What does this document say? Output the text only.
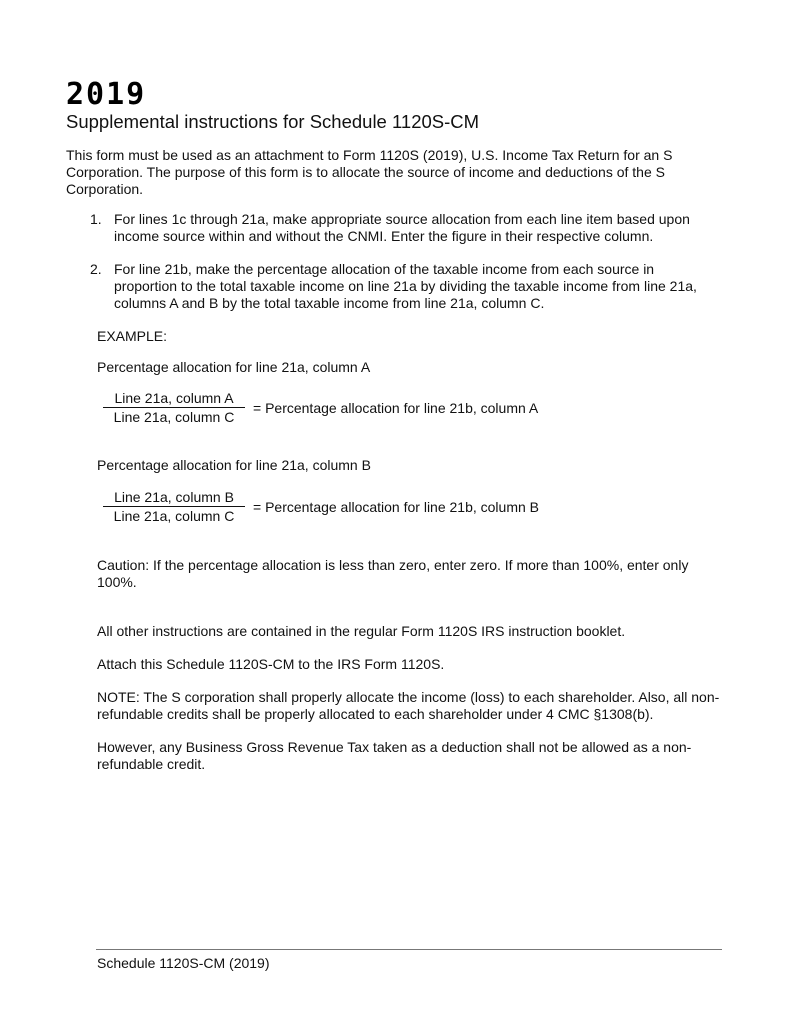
2019
Supplemental instructions for Schedule 1120S-CM
This form must be used as an attachment to Form 1120S (2019), U.S. Income Tax Return for an S Corporation. The purpose of this form is to allocate the source of income and deductions of the S Corporation.
1. For lines 1c through 21a, make appropriate source allocation from each line item based upon income source within and without the CNMI. Enter the figure in their respective column.
2. For line 21b, make the percentage allocation of the taxable income from each source in proportion to the total taxable income on line 21a by dividing the taxable income from line 21a, columns A and B by the total taxable income from line 21a, column C.
EXAMPLE:
Percentage allocation for line 21a, column A
Line 21a, column A
Line 21a, column C
= Percentage allocation for line 21b, column A
Percentage allocation for line 21a, column B
Line 21a, column B
Line 21a, column C
= Percentage allocation for line 21b, column B
Caution: If the percentage allocation is less than zero, enter zero. If more than 100%, enter only 100%.
All other instructions are contained in the regular Form 1120S IRS instruction booklet.
Attach this Schedule 1120S-CM to the IRS Form 1120S.
NOTE: The S corporation shall properly allocate the income (loss) to each shareholder. Also, all non- refundable credits shall be properly allocated to each shareholder under 4 CMC §1308(b).
However, any Business Gross Revenue Tax taken as a deduction shall not be allowed as a non-refundable credit.
Schedule 1120S-CM (2019)
